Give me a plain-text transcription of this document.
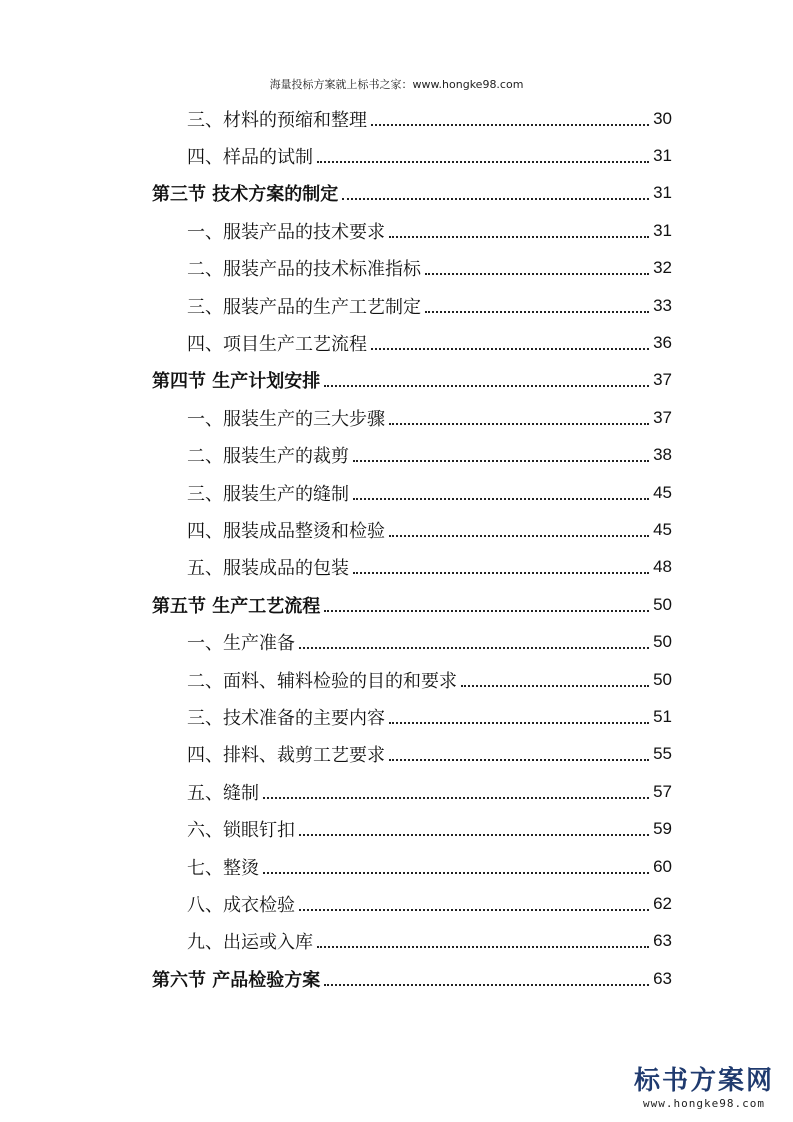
海量投标方案就上标书之家：www.hongke98.com
三、材料的预缩和整理	30
四、样品的试制	31
第三节 技术方案的制定	31
一、服装产品的技术要求	31
二、服装产品的技术标准指标	32
三、服装产品的生产工艺制定	33
四、项目生产工艺流程	36
第四节 生产计划安排	37
一、服装生产的三大步骤	37
二、服装生产的裁剪	38
三、服装生产的缝制	45
四、服装成品整烫和检验	45
五、服装成品的包装	48
第五节 生产工艺流程	50
一、生产准备	50
二、面料、辅料检验的目的和要求	50
三、技术准备的主要内容	51
四、排料、裁剪工艺要求	55
五、缝制	57
六、锁眼钉扣	59
七、整烫	60
八、成衣检验	62
九、出运或入库	63
第六节 产品检验方案	63
标书方案网
www.hongke98.com
